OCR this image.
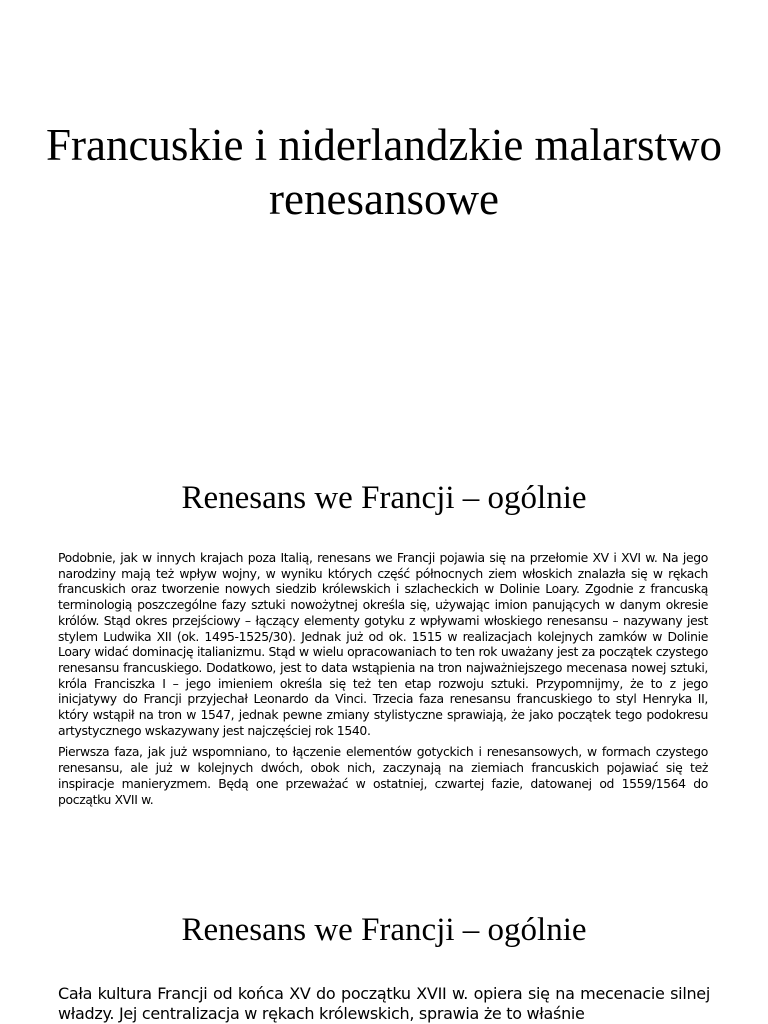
Francuskie i niderlandzkie malarstwo renesansowe
Renesans we Francji – ogólnie

Podobnie, jak w innych krajach poza Italią, renesans we Francji pojawia się na przełomie XV i XVI w. Na jego narodziny mają też wpływ wojny, w wyniku których część północnych ziem włoskich znalazła się w rękach francuskich oraz tworzenie nowych siedzib królewskich i szlacheckich w Dolinie Loary. Zgodnie z francuską terminologią poszczególne fazy sztuki nowożytnej określa się, używając imion panujących w danym okresie królów. Stąd okres przejściowy – łączący elementy gotyku z wpływami włoskiego renesansu – nazywany jest stylem Ludwika XII (ok. 1495-1525/30). Jednak już od ok. 1515 w realizacjach kolejnych zamków w Dolinie Loary widać dominację italianizmu. Stąd w wielu opracowaniach to ten rok uważany jest za początek czystego renesansu francuskiego. Dodatkowo, jest to data wstąpienia na tron najważniejszego mecenasa nowej sztuki, króla Franciszka I – jego imieniem określa się też ten etap rozwoju sztuki. Przypomnijmy, że to z jego inicjatywy do Francji przyjechał Leonardo da Vinci. Trzecia faza renesansu francuskiego to styl Henryka II, który wstąpił na tron w 1547, jednak pewne zmiany stylistyczne sprawiają, że jako początek tego podokresu artystycznego wskazywany jest najczęściej rok 1540.

Pierwsza faza, jak już wspomniano, to łączenie elementów gotyckich i renesansowych, w formach czystego renesansu, ale już w kolejnych dwóch, obok nich, zaczynają na ziemiach francuskich pojawiać się też inspiracje manieryzmem. Będą one przeważać w ostatniej, czwartej fazie, datowanej od 1559/1564 do początku XVII w.

Renesans we Francji – ogólnie

Cała kultura Francji od końca XV do początku XVII w. opiera się na mecenacie silnej władzy. Jej centralizacja w rękach królewskich, sprawia że to właśnie
